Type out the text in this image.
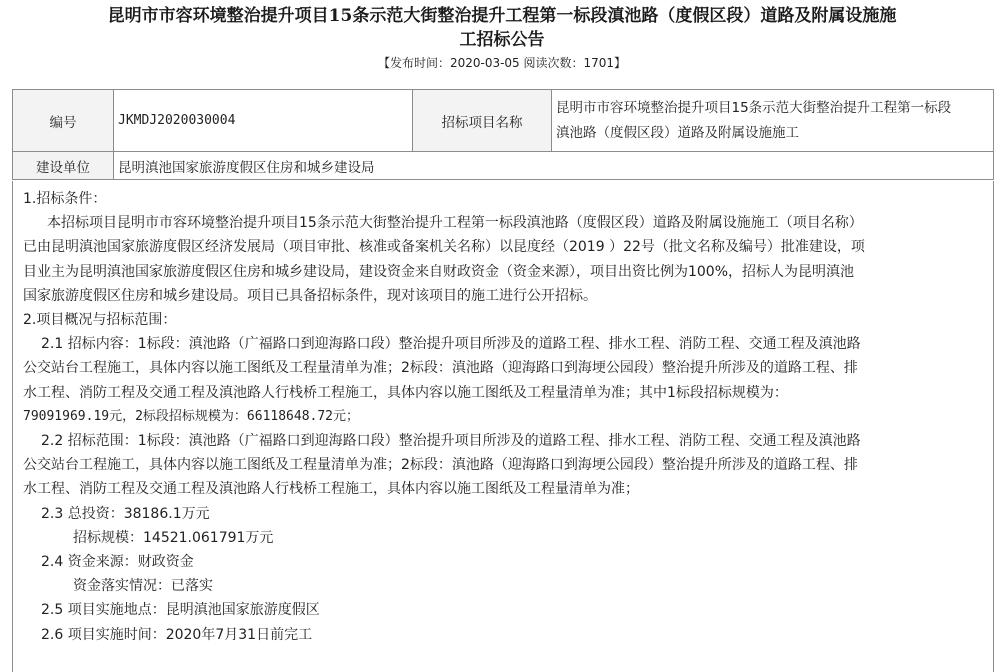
昆明市市容环境整治提升项目15条示范大街整治提升工程第一标段滇池路（度假区段）道路及附属设施施
工招标公告
【发布时间：2020-03-05 阅读次数：1701】
编号	JKMDJ2020030004	招标项目名称	昆明市市容环境整治提升项目15条示范大街整治提升工程第一标段
滇池路（度假区段）道路及附属设施施工

建设单位	昆明滇池国家旅游度假区住房和城乡建设局		

1.招标条件：

本招标项目昆明市市容环境整治提升项目15条示范大街整治提升工程第一标段滇池路（度假区段）道路及附属设施施工（项目名称）

已由昆明滇池国家旅游度假区经济发展局（项目审批、核准或备案机关名称）以昆度经（2019 ）22号（批文名称及编号）批准建设，项

目业主为昆明滇池国家旅游度假区住房和城乡建设局，建设资金来自财政资金（资金来源），项目出资比例为100%，招标人为昆明滇池

国家旅游度假区住房和城乡建设局。项目已具备招标条件，现对该项目的施工进行公开招标。

2.项目概况与招标范围：

2.1 招标内容：1标段：滇池路（广福路口到迎海路口段）整治提升项目所涉及的道路工程、排水工程、消防工程、交通工程及滇池路

公交站台工程施工，具体内容以施工图纸及工程量清单为准；2标段：滇池路（迎海路口到海埂公园段）整治提升所涉及的道路工程、排

水工程、消防工程及交通工程及滇池路人行栈桥工程施工，具体内容以施工图纸及工程量清单为准；其中1标段招标规模为：

79091969.19元，2标段招标规模为：66118648.72元；

2.2 招标范围：1标段：滇池路（广福路口到迎海路口段）整治提升项目所涉及的道路工程、排水工程、消防工程、交通工程及滇池路

公交站台工程施工，具体内容以施工图纸及工程量清单为准；2标段：滇池路（迎海路口到海埂公园段）整治提升所涉及的道路工程、排

水工程、消防工程及交通工程及滇池路人行栈桥工程施工，具体内容以施工图纸及工程量清单为准；

2.3 总投资：38186.1万元

招标规模：14521.061791万元

2.4 资金来源：财政资金

资金落实情况：已落实

2.5 项目实施地点：昆明滇池国家旅游度假区

2.6 项目实施时间：2020年7月31日前完工
